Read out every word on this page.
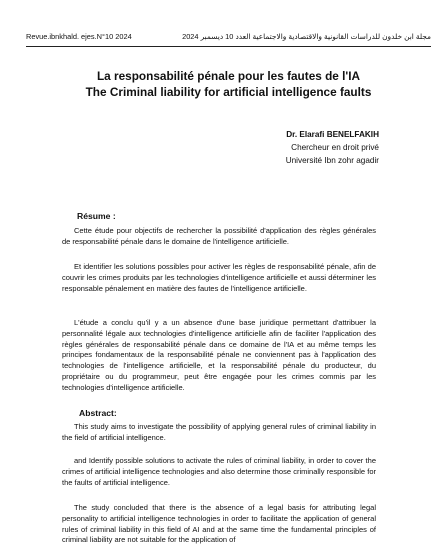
Revue.ibnkhald. ejes.N°10 2024	مجلة ابن خلدون للدراسات القانونية والاقتصادية والاجتماعية العدد 10 ديسمبر 2024
La responsabilité pénale pour les fautes de l'IA
The Criminal liability for artificial intelligence faults
Dr. Elarafi BENELFAKIH
Chercheur en droit privé
Université Ibn zohr agadir
Résume :

Cette étude pour objectifs de rechercher la possibilité d'application des règles générales de responsabilité pénale dans le domaine de l'intelligence artificielle.

Et identifier les solutions possibles pour activer les règles de responsabilité pénale, afin de couvrir les crimes produits par les technologies d'intelligence artificielle et aussi déterminer les responsable pénalement en matière des fautes de l'intelligence artificielle.

L'étude a conclu qu'il y a un absence d'une base juridique permettant d'attribuer la personnalité légale aux technologies d'intelligence artificielle afin de faciliter l'application des règles générales de responsabilité pénale dans ce domaine de l'IA et au même temps les principes fondamentaux de la responsabilité pénale ne conviennent pas à l'application des technologies de l'intelligence artificielle, et la responsabilité pénale du producteur, du propriétaire ou du programmeur, peut être engagée pour les crimes commis par les technologies d'intelligence artificielle.

Abstract:

This study aims to investigate the possibility of applying general rules of criminal liability in the field of artificial intelligence.

and Identify possible solutions to activate the rules of criminal liability, in order to cover the crimes of artificial intelligence technologies and also determine those criminally responsible for the faults of artificial intelligence.

The study concluded that there is the absence of a legal basis for attributing legal personality to artificial intelligence technologies in order to facilitate the application of general rules of criminal liability in this field of AI and at the same time the fundamental principles of criminal liability are not suitable for the application of
